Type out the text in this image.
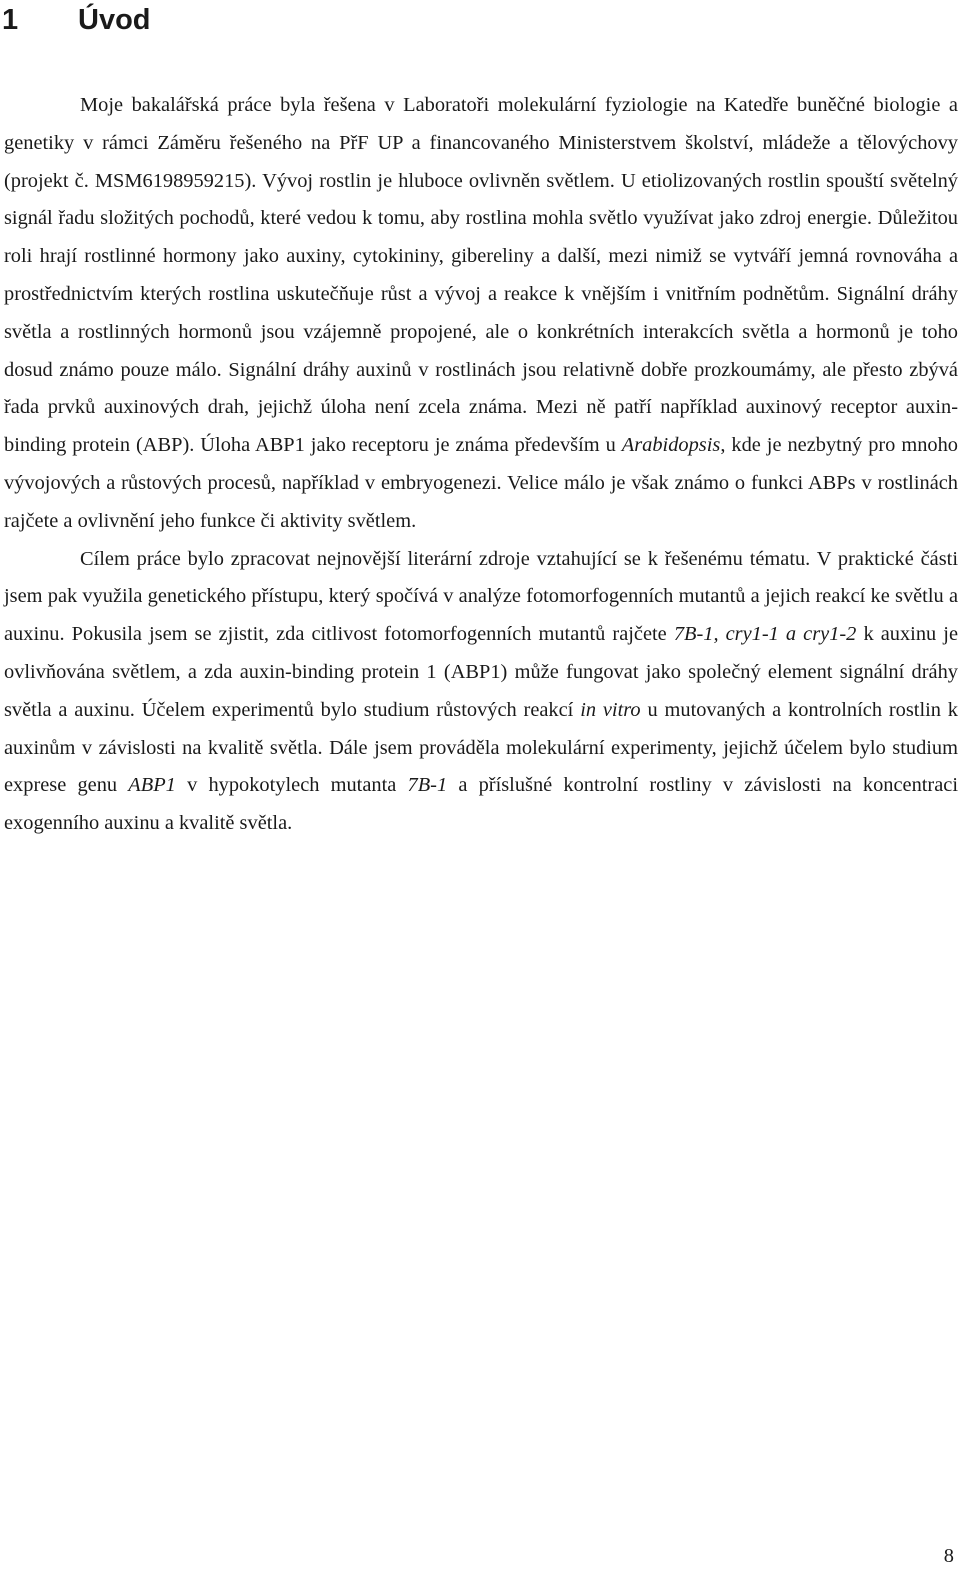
1 Úvod

Moje bakalářská práce byla řešena v Laboratoři molekulární fyziologie na Katedře buněčné biologie a genetiky v rámci Záměru řešeného na PřF UP a financovaného Ministerstvem školství, mládeže a tělovýchovy (projekt č. MSM6198959215). Vývoj rostlin je hluboce ovlivněn světlem. U etiolizovaných rostlin spouští světelný signál řadu složitých pochodů, které vedou k tomu, aby rostlina mohla světlo využívat jako zdroj energie. Důležitou roli hrají rostlinné hormony jako auxiny, cytokininy, gibereliny a další, mezi nimiž se vytváří jemná rovnováha a prostřednictvím kterých rostlina uskutečňuje růst a vývoj a reakce k vnějším i vnitřním podnětům. Signální dráhy světla a rostlinných hormonů jsou vzájemně propojené, ale o konkrétních interakcích světla a hormonů je toho dosud známo pouze málo. Signální dráhy auxinů v rostlinách jsou relativně dobře prozkoumámy, ale přesto zbývá řada prvků auxinových drah, jejichž úloha není zcela známa. Mezi ně patří například auxinový receptor auxin-binding protein (ABP). Úloha ABP1 jako receptoru je známa především u Arabidopsis, kde je nezbytný pro mnoho vývojových a růstových procesů, například v embryogenezi. Velice málo je však známo o funkci ABPs v rostlinách rajčete a ovlivnění jeho funkce či aktivity světlem.

Cílem práce bylo zpracovat nejnovější literární zdroje vztahující se k řešenému tématu. V praktické části jsem pak využila genetického přístupu, který spočívá v analýze fotomorfogenních mutantů a jejich reakcí ke světlu a auxinu. Pokusila jsem se zjistit, zda citlivost fotomorfogenních mutantů rajčete 7B-1, cry1-1 a cry1-2 k auxinu je ovlivňována světlem, a zda auxin-binding protein 1 (ABP1) může fungovat jako společný element signální dráhy světla a auxinu. Účelem experimentů bylo studium růstových reakcí in vitro u mutovaných a kontrolních rostlin k auxinům v závislosti na kvalitě světla. Dále jsem prováděla molekulární experimenty, jejichž účelem bylo studium exprese genu ABP1 v hypokotylech mutanta 7B-1 a příslušné kontrolní rostliny v závislosti na koncentraci exogenního auxinu a kvalitě světla.

8
